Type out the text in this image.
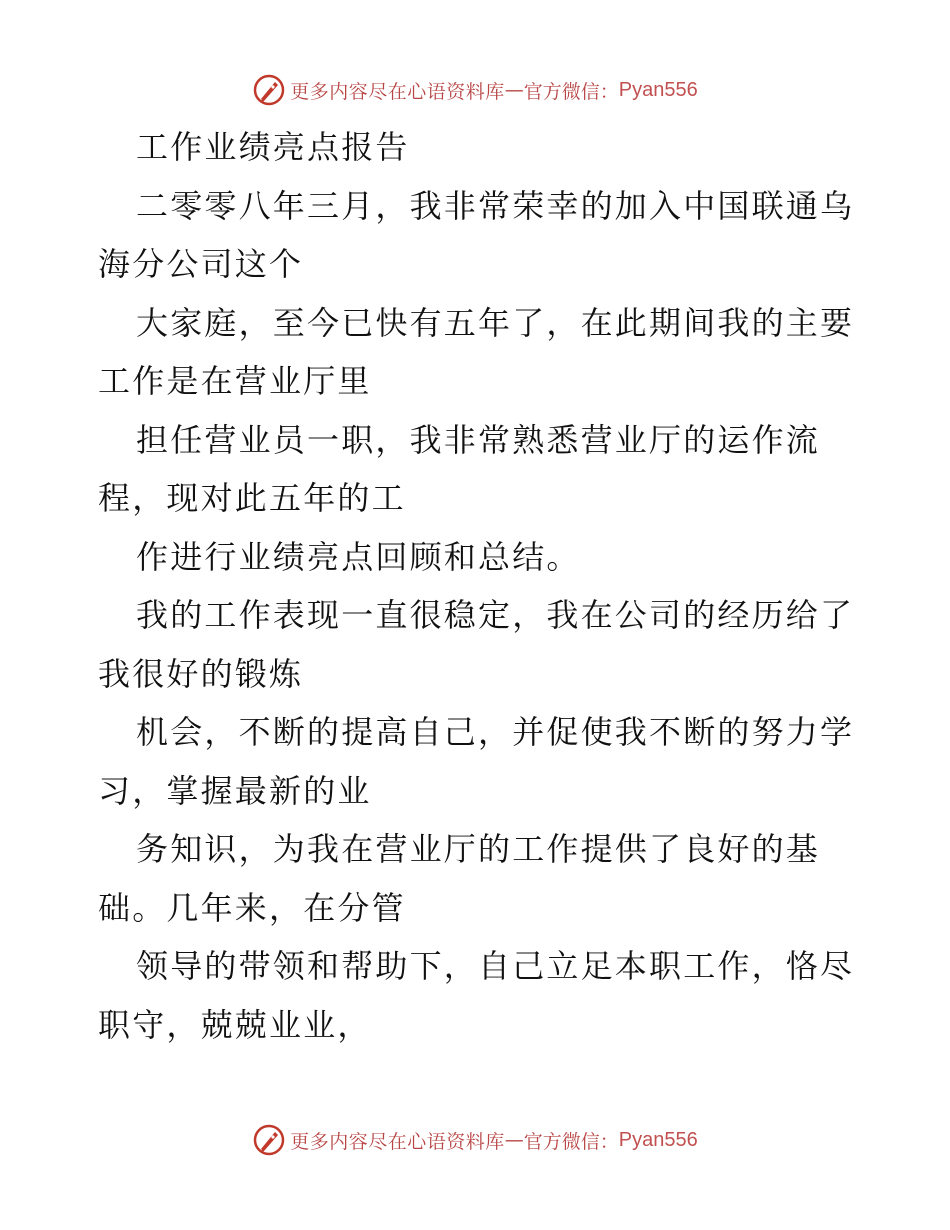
更多内容尽在心语资料库 — 官方微信： Pyan556
工作业绩亮点报告
二零零八年三月，我非常荣幸的加入中国联通乌
海分公司这个
大家庭，至今已快有五年了，在此期间我的主要
工作是在营业厅里
担任营业员一职，我非常熟悉营业厅的运作流
程，现对此五年的工
作进行业绩亮点回顾和总结。
我的工作表现一直很稳定，我在公司的经历给了
我很好的锻炼
机会，不断的提高自己，并促使我不断的努力学
习，掌握最新的业
务知识，为我在营业厅的工作提供了良好的基
础。几年来，在分管
领导的带领和帮助下，自己立足本职工作，恪尽
职守，兢兢业业，
更多内容尽在心语资料库 — 官方微信： Pyan556
